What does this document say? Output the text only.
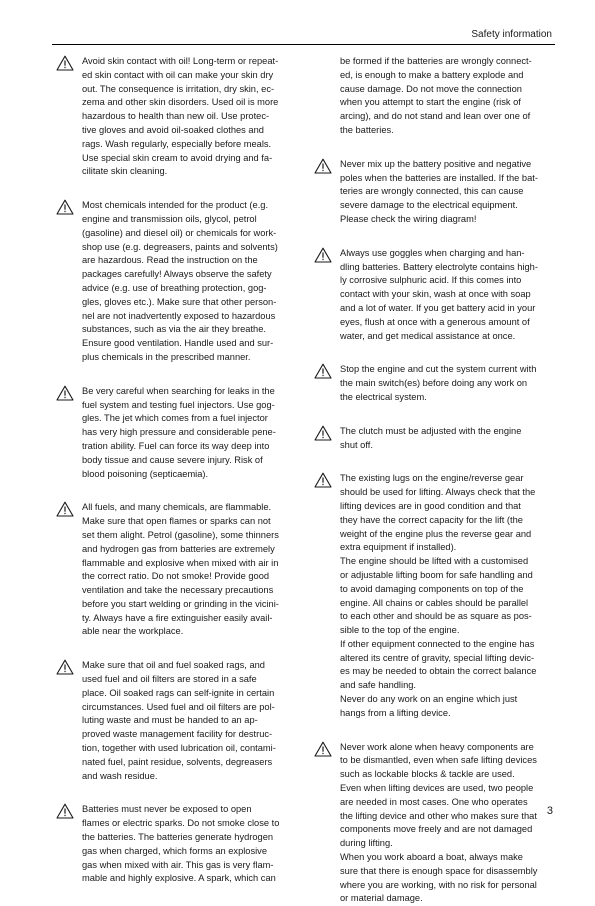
Safety information

Avoid skin contact with oil! Long-term or repeat-
ed skin contact with oil can make your skin dry
out. The consequence is irritation, dry skin, ec-
zema and other skin disorders. Used oil is more
hazardous to health than new oil. Use protec-
tive gloves and avoid oil-soaked clothes and
rags. Wash regularly, especially before meals.
Use special skin cream to avoid drying and fa-
cilitate skin cleaning.

Most chemicals intended for the product (e.g.
engine and transmission oils, glycol, petrol
(gasoline) and diesel oil) or chemicals for work-
shop use (e.g. degreasers, paints and solvents)
are hazardous. Read the instruction on the
packages carefully! Always observe the safety
advice (e.g. use of breathing protection, gog-
gles, gloves etc.). Make sure that other person-
nel are not inadvertently exposed to hazardous
substances, such as via the air they breathe.
Ensure good ventilation. Handle used and sur-
plus chemicals in the prescribed manner.

Be very careful when searching for leaks in the
fuel system and testing fuel injectors. Use gog-
gles. The jet which comes from a fuel injector
has very high pressure and considerable pene-
tration ability. Fuel can force its way deep into
body tissue and cause severe injury. Risk of
blood poisoning (septicaemia).

All fuels, and many chemicals, are flammable.
Make sure that open flames or sparks can not
set them alight. Petrol (gasoline), some thinners
and hydrogen gas from batteries are extremely
flammable and explosive when mixed with air in
the correct ratio. Do not smoke! Provide good
ventilation and take the necessary precautions
before you start welding or grinding in the vicini-
ty. Always have a fire extinguisher easily avail-
able near the workplace.

Make sure that oil and fuel soaked rags, and
used fuel and oil filters are stored in a safe
place. Oil soaked rags can self-ignite in certain
circumstances. Used fuel and oil filters are pol-
luting waste and must be handed to an ap-
proved waste management facility for destruc-
tion, together with used lubrication oil, contami-
nated fuel, paint residue, solvents, degreasers
and wash residue.

Batteries must never be exposed to open
flames or electric sparks. Do not smoke close to
the batteries. The batteries generate hydrogen
gas when charged, which forms an explosive
gas when mixed with air. This gas is very flam-
mable and highly explosive. A spark, which can

be formed if the batteries are wrongly connect-
ed, is enough to make a battery explode and
cause damage. Do not move the connection
when you attempt to start the engine (risk of
arcing), and do not stand and lean over one of
the batteries.

Never mix up the battery positive and negative
poles when the batteries are installed. If the bat-
teries are wrongly connected, this can cause
severe damage to the electrical equipment.
Please check the wiring diagram!

Always use goggles when charging and han-
dling batteries. Battery electrolyte contains high-
ly corrosive sulphuric acid. If this comes into
contact with your skin, wash at once with soap
and a lot of water. If you get battery acid in your
eyes, flush at once with a generous amount of
water, and get medical assistance at once.

Stop the engine and cut the system current with
the main switch(es) before doing any work on
the electrical system.

The clutch must be adjusted with the engine
shut off.

The existing lugs on the engine/reverse gear
should be used for lifting. Always check that the
lifting devices are in good condition and that
they have the correct capacity for the lift (the
weight of the engine plus the reverse gear and
extra equipment if installed).
The engine should be lifted with a customised
or adjustable lifting boom for safe handling and
to avoid damaging components on top of the
engine. All chains or cables should be parallel
to each other and should be as square as pos-
sible to the top of the engine.
If other equipment connected to the engine has
altered its centre of gravity, special lifting devic-
es may be needed to obtain the correct balance
and safe handling.
Never do any work on an engine which just
hangs from a lifting device.

Never work alone when heavy components are
to be dismantled, even when safe lifting devices
such as lockable blocks & tackle are used.
Even when lifting devices are used, two people
are needed in most cases. One who operates
the lifting device and other who makes sure that
components move freely and are not damaged
during lifting.
When you work aboard a boat, always make
sure that there is enough space for disassembly
where you are working, with no risk for personal
or material damage.

3
